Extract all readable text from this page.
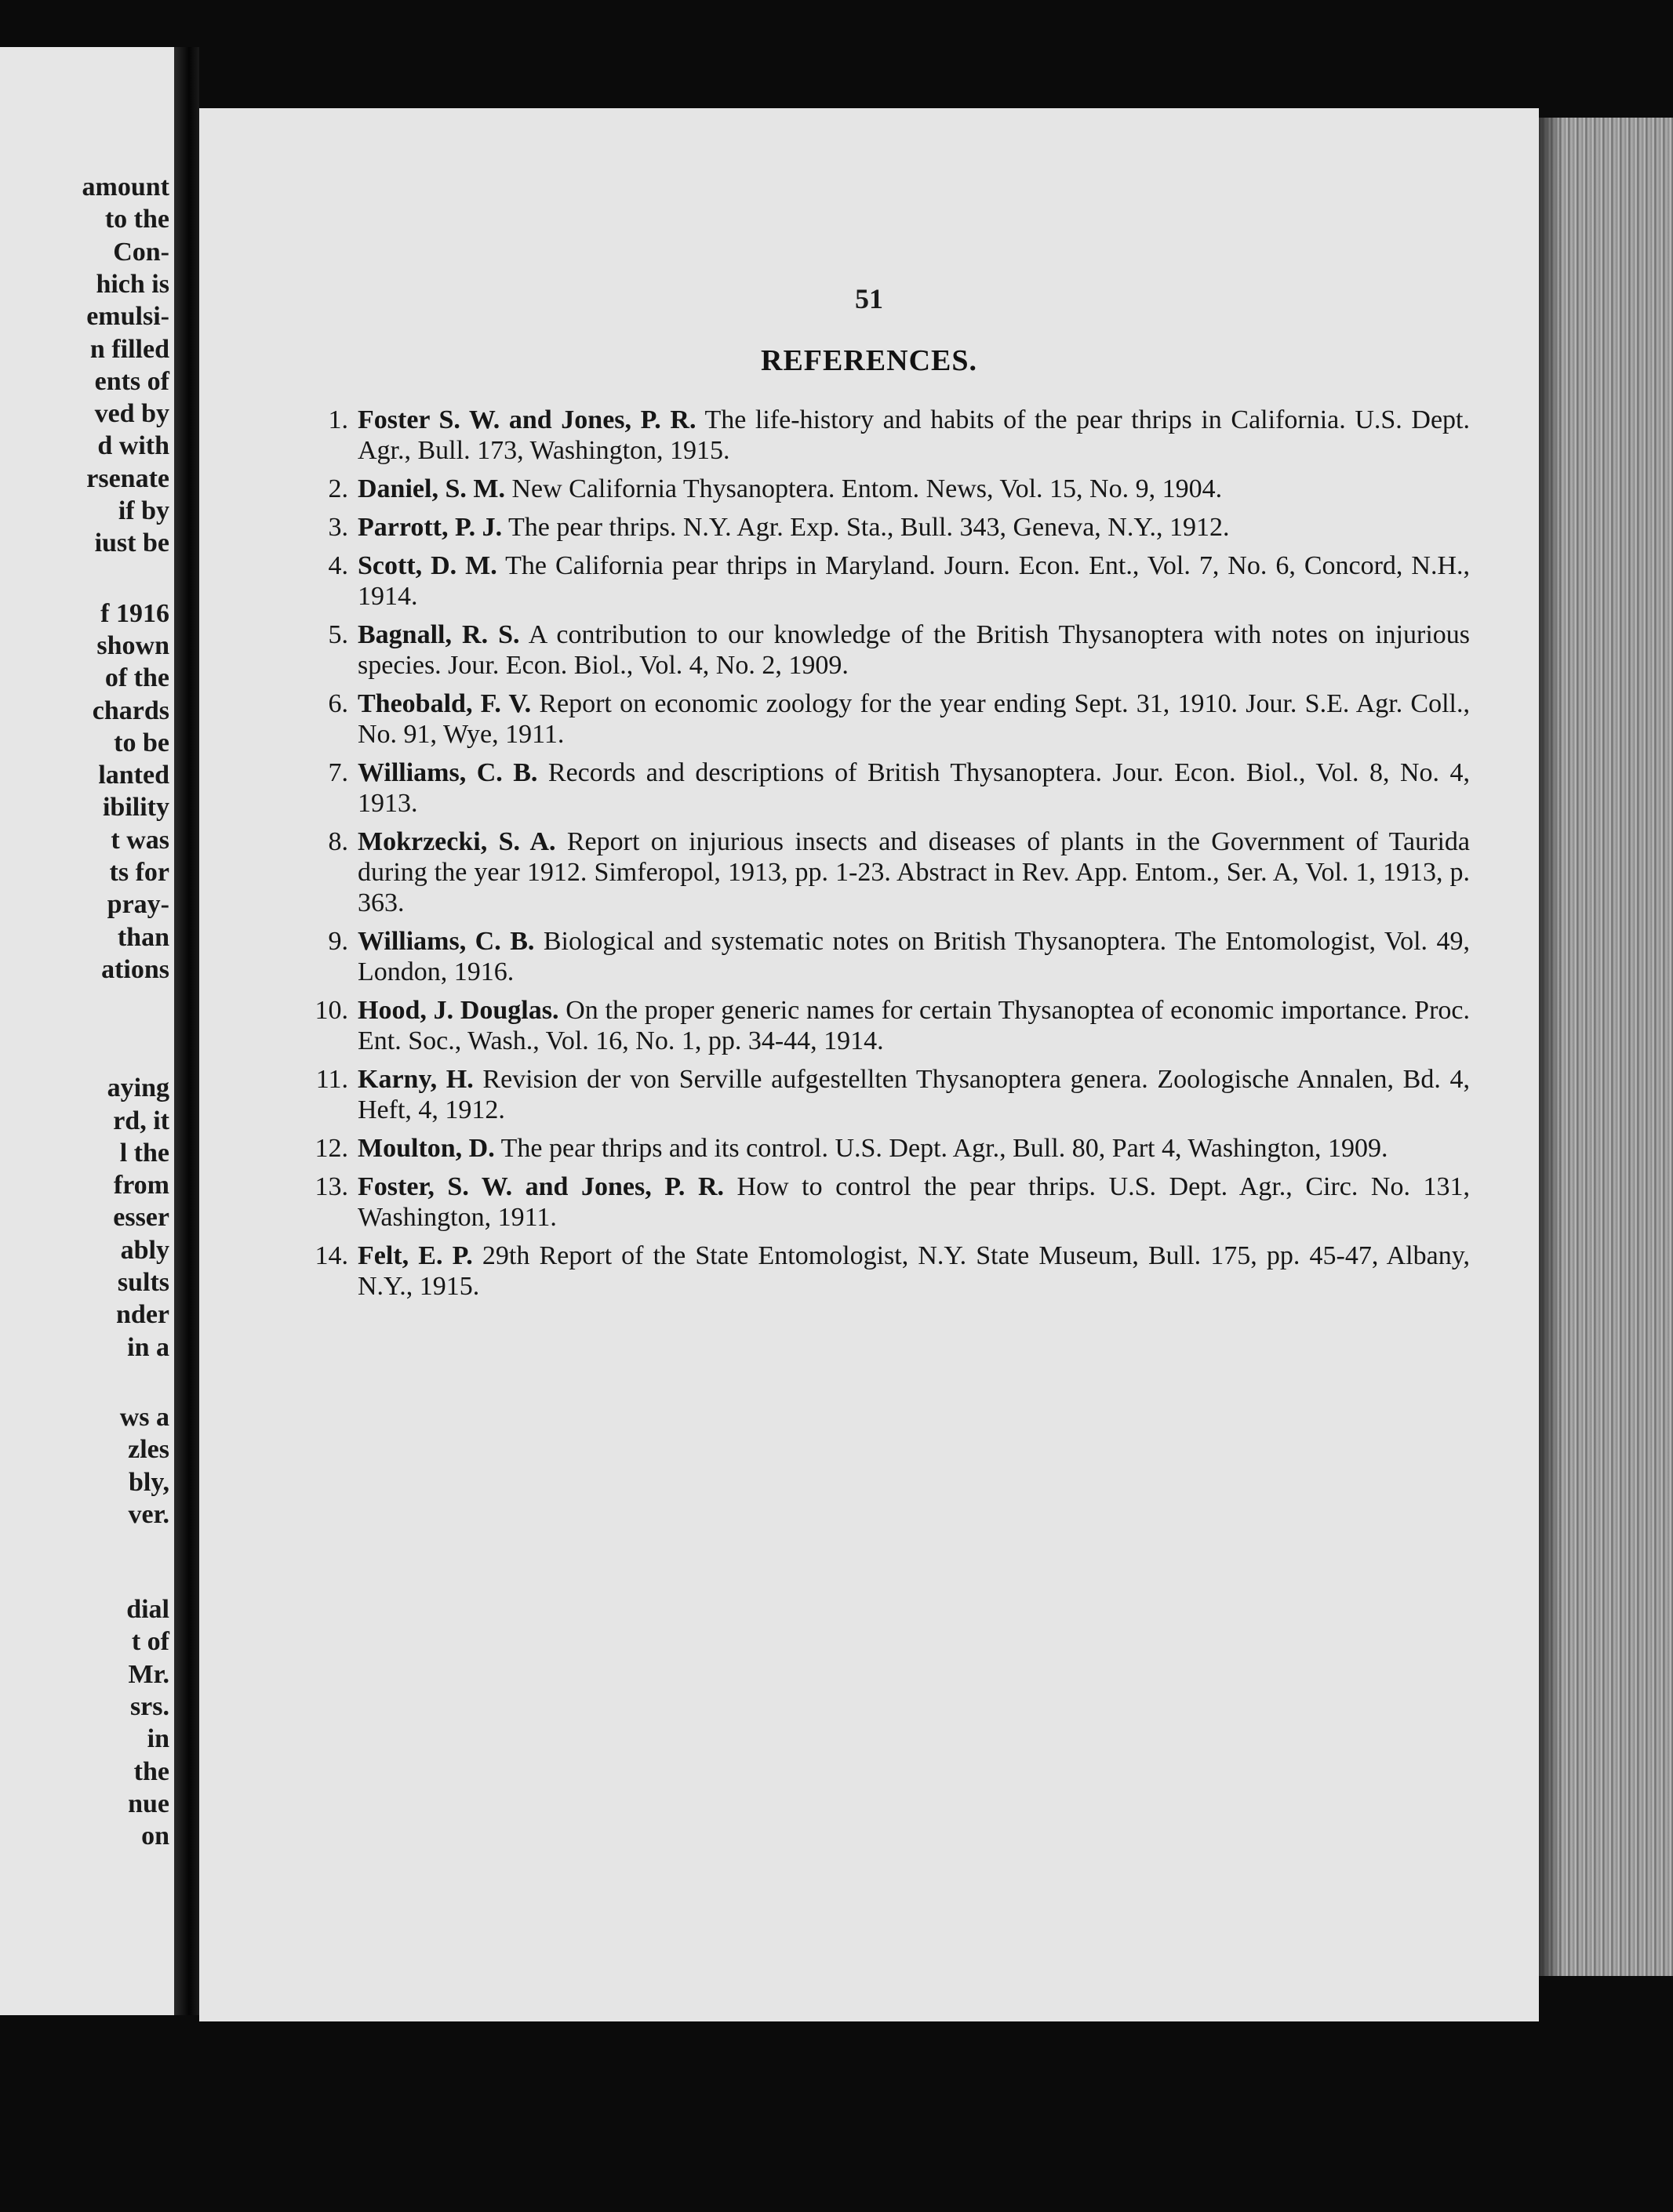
amount
to the
Con-
hich is
emulsi-
n filled
ents of
ved by
d with
rsenate
if by
iust be
f 1916
shown
of the
chards
to be
lanted
ibility
t was
ts for
pray-
than
ations
aying
rd, it
l the
from
esser
ably
sults
nder
in a
ws a
zles
bly,
ver.
dial
t of
Mr.
srs.
in
the
nue
on
51
REFERENCES.
1. Foster S. W. and Jones, P. R. The life-history and habits of the pear thrips in California. U.S. Dept. Agr., Bull. 173, Washington, 1915.
2. Daniel, S. M. New California Thysanoptera. Entom. News, Vol. 15, No. 9, 1904.
3. Parrott, P. J. The pear thrips. N.Y. Agr. Exp. Sta., Bull. 343, Geneva, N.Y., 1912.
4. Scott, D. M. The California pear thrips in Maryland. Journ. Econ. Ent., Vol. 7, No. 6, Concord, N.H., 1914.
5. Bagnall, R. S. A contribution to our knowledge of the British Thysanoptera with notes on injurious species. Jour. Econ. Biol., Vol. 4, No. 2, 1909.
6. Theobald, F. V. Report on economic zoology for the year ending Sept. 31, 1910. Jour. S.E. Agr. Coll., No. 91, Wye, 1911.
7. Williams, C. B. Records and descriptions of British Thysanoptera. Jour. Econ. Biol., Vol. 8, No. 4, 1913.
8. Mokrzecki, S. A. Report on injurious insects and diseases of plants in the Government of Taurida during the year 1912. Simferopol, 1913, pp. 1-23. Abstract in Rev. App. Entom., Ser. A, Vol. 1, 1913, p. 363.
9. Williams, C. B. Biological and systematic notes on British Thysanoptera. The Entomologist, Vol. 49, London, 1916.
10. Hood, J. Douglas. On the proper generic names for certain Thysanoptea of economic importance. Proc. Ent. Soc., Wash., Vol. 16, No. 1, pp. 34-44, 1914.
11. Karny, H. Revision der von Serville aufgestellten Thysanoptera genera. Zoologische Annalen, Bd. 4, Heft, 4, 1912.
12. Moulton, D. The pear thrips and its control. U.S. Dept. Agr., Bull. 80, Part 4, Washington, 1909.
13. Foster, S. W. and Jones, P. R. How to control the pear thrips. U.S. Dept. Agr., Circ. No. 131, Washington, 1911.
14. Felt, E. P. 29th Report of the State Entomologist, N.Y. State Museum, Bull. 175, pp. 45-47, Albany, N.Y., 1915.
